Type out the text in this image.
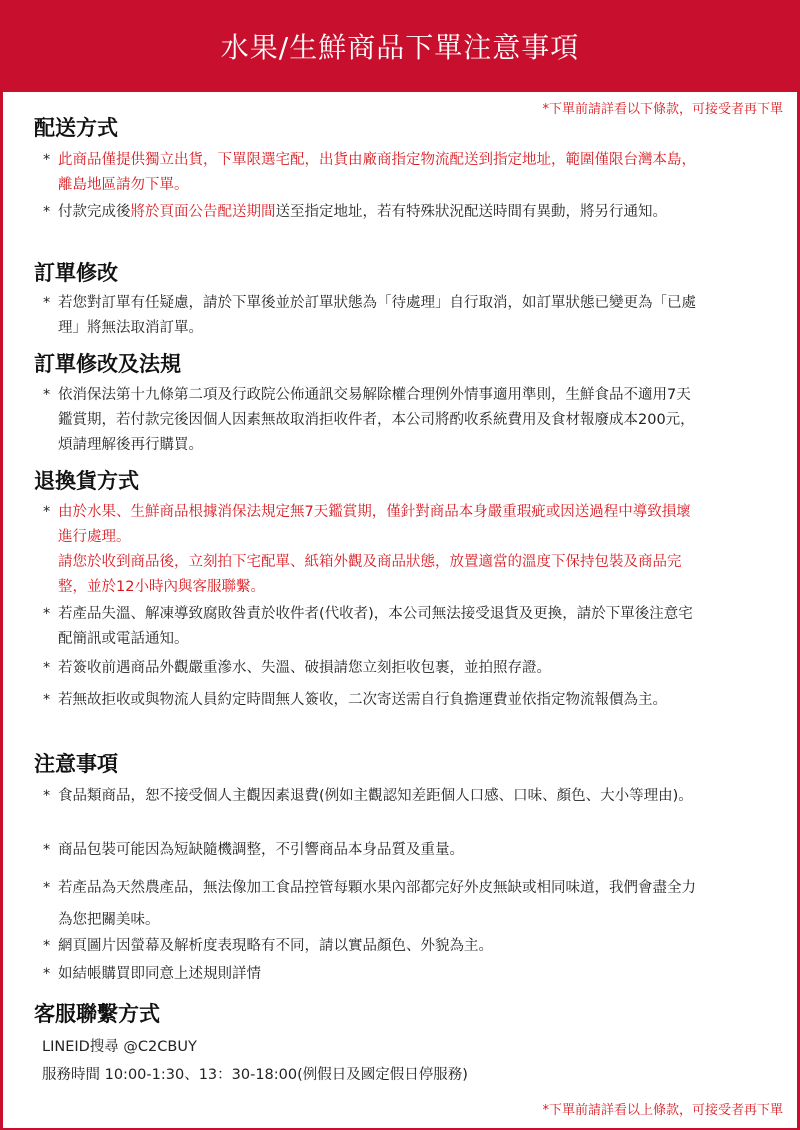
水果/生鮮商品下單注意事項
*下單前請詳看以下條款，可接受者再下單
配送方式
* 此商品僅提供獨立出貨，下單限選宅配，出貨由廠商指定物流配送到指定地址，範圍僅限台灣本島，離島地區請勿下單。
* 付款完成後將於頁面公告配送期間送至指定地址，若有特殊狀況配送時間有異動，將另行通知。
訂單修改
* 若您對訂單有任疑慮，請於下單後並於訂單狀態為「待處理」自行取消，如訂單狀態已變更為「已處理」將無法取消訂單。
訂單修改及法規
* 依消保法第十九條第二項及行政院公佈通訊交易解除權合理例外情事適用準則，生鮮食品不適用7天鑑賞期，若付款完後因個人因素無故取消拒收件者，本公司將酌收系統費用及食材報廢成本200元，煩請理解後再行購買。
退換貨方式
* 由於水果、生鮮商品根據消保法規定無7天鑑賞期，僅針對商品本身嚴重瑕疵或因送過程中導致損壞進行處理。
請您於收到商品後，立刻拍下宅配單、紙箱外觀及商品狀態，放置適當的溫度下保持包裝及商品完整，並於12小時內與客服聯繫。
* 若產品失溫、解凍導致腐敗咎責於收件者(代收者)，本公司無法接受退貨及更換，請於下單後注意宅配簡訊或電話通知。
* 若簽收前遇商品外觀嚴重滲水、失溫、破損請您立刻拒收包裹，並拍照存證。
* 若無故拒收或與物流人員約定時間無人簽收，二次寄送需自行負擔運費並依指定物流報價為主。
注意事項
* 食品類商品，恕不接受個人主觀因素退費(例如主觀認知差距個人口感、口味、顏色、大小等理由)。
* 商品包裝可能因為短缺隨機調整，不引響商品本身品質及重量。
* 若產品為天然農產品，無法像加工食品控管每顆水果內部都完好外皮無缺或相同味道，我們會盡全力為您把關美味。
* 網頁圖片因螢幕及解析度表現略有不同，請以實品顏色、外貌為主。
* 如結帳購買即同意上述規則詳情
客服聯繫方式
LINEID搜尋 @C2CBUY
服務時間 10:00-1:30、13：30-18:00(例假日及國定假日停服務)
*下單前請詳看以上條款，可接受者再下單
